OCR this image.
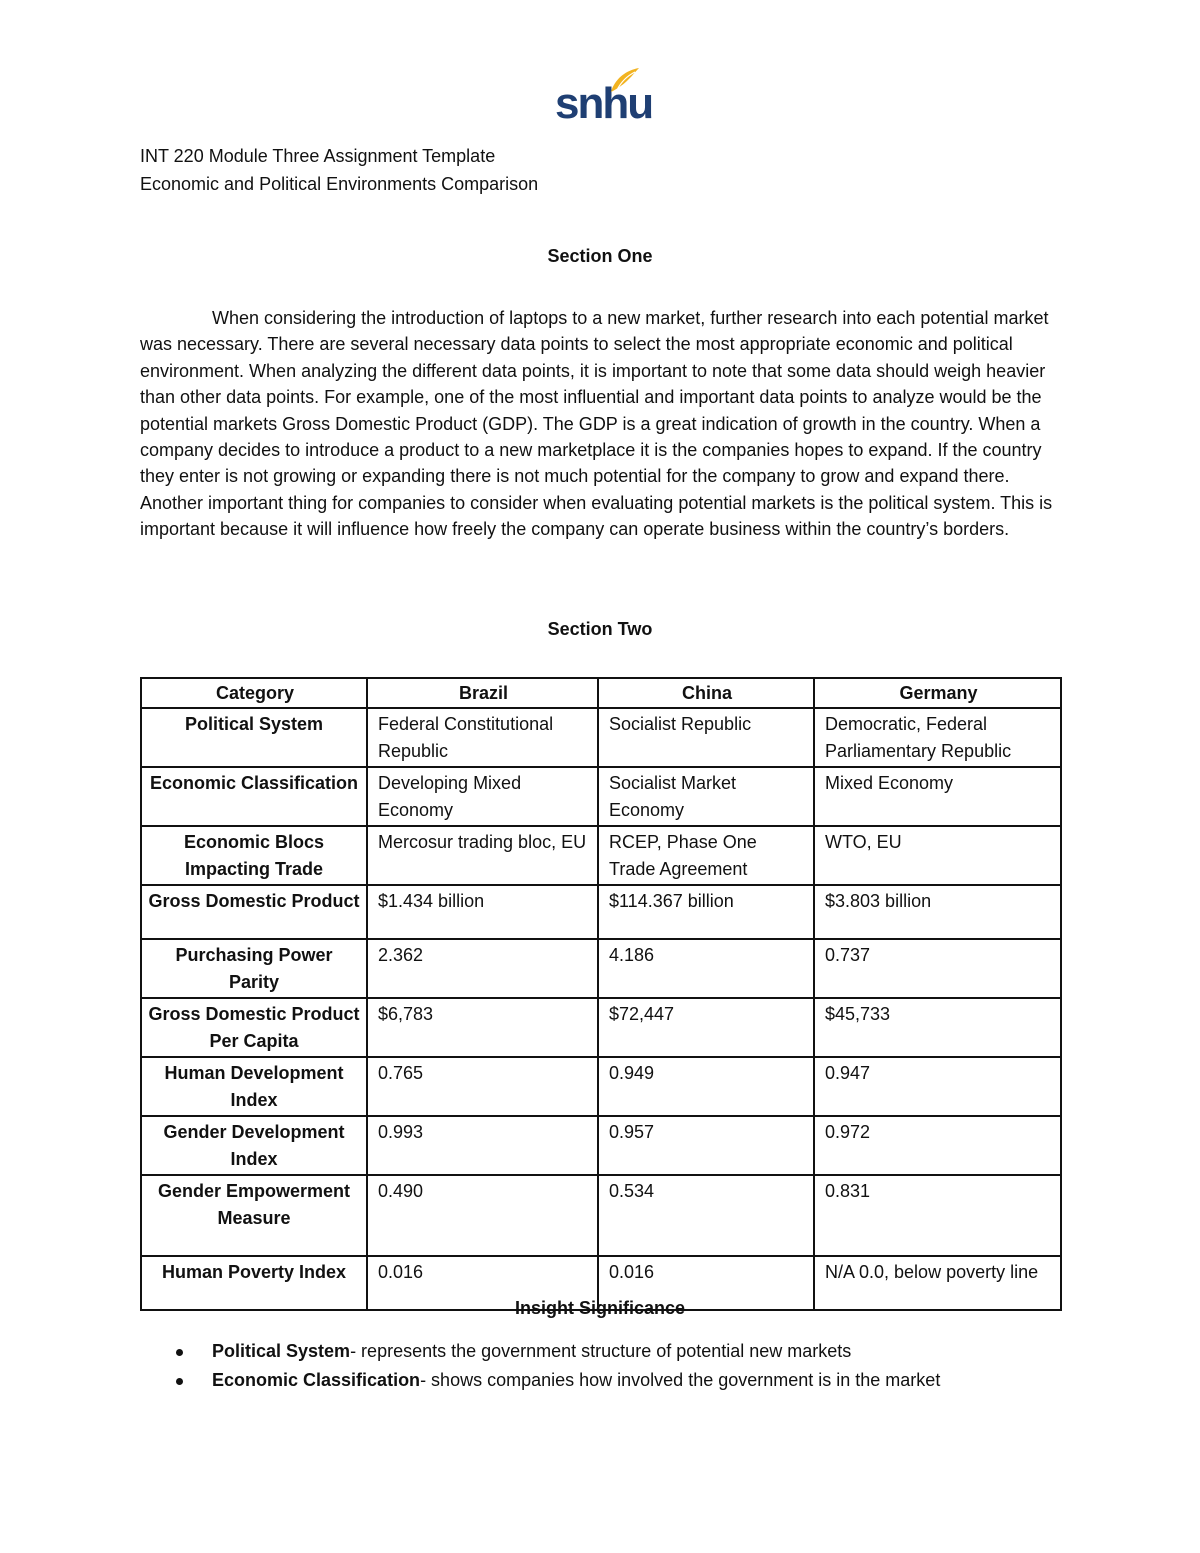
snhu
INT 220 Module Three Assignment Template
Economic and Political Environments Comparison
Section One

When considering the introduction of laptops to a new market, further research into each potential market was necessary. There are several necessary data points to select the most appropriate economic and political environment. When analyzing the different data points, it is important to note that some data should weigh heavier than other data points. For example, one of the most influential and important data points to analyze would be the potential markets Gross Domestic Product (GDP). The GDP is a great indication of growth in the country. When a company decides to introduce a product to a new marketplace it is the companies hopes to expand. If the country they enter is not growing or expanding there is not much potential for the company to grow and expand there. Another important thing for companies to consider when evaluating potential markets is the political system. This is important because it will influence how freely the company can operate business within the country’s borders.

Section Two
Category	Brazil	China	Germany
Political System	Federal Constitutional Republic	Socialist Republic	Democratic, Federal Parliamentary Republic
Economic Classification	Developing Mixed Economy	Socialist Market Economy	Mixed Economy
Economic Blocs Impacting Trade	Mercosur trading bloc, EU	RCEP, Phase One Trade Agreement	WTO, EU
Gross Domestic Product	$1.434 billion	$114.367 billion	$3.803 billion
Purchasing Power Parity	2.362	4.186	0.737
Gross Domestic Product Per Capita	$6,783	$72,447	$45,733
Human Development Index	0.765	0.949	0.947
Gender Development Index	0.993	0.957	0.972
Gender Empowerment Measure	0.490	0.534	0.831
Human Poverty Index	0.016	0.016	N/A 0.0, below poverty line
Insight Significance
Political System- represents the government structure of potential new markets
Economic Classification- shows companies how involved the government is in the market
